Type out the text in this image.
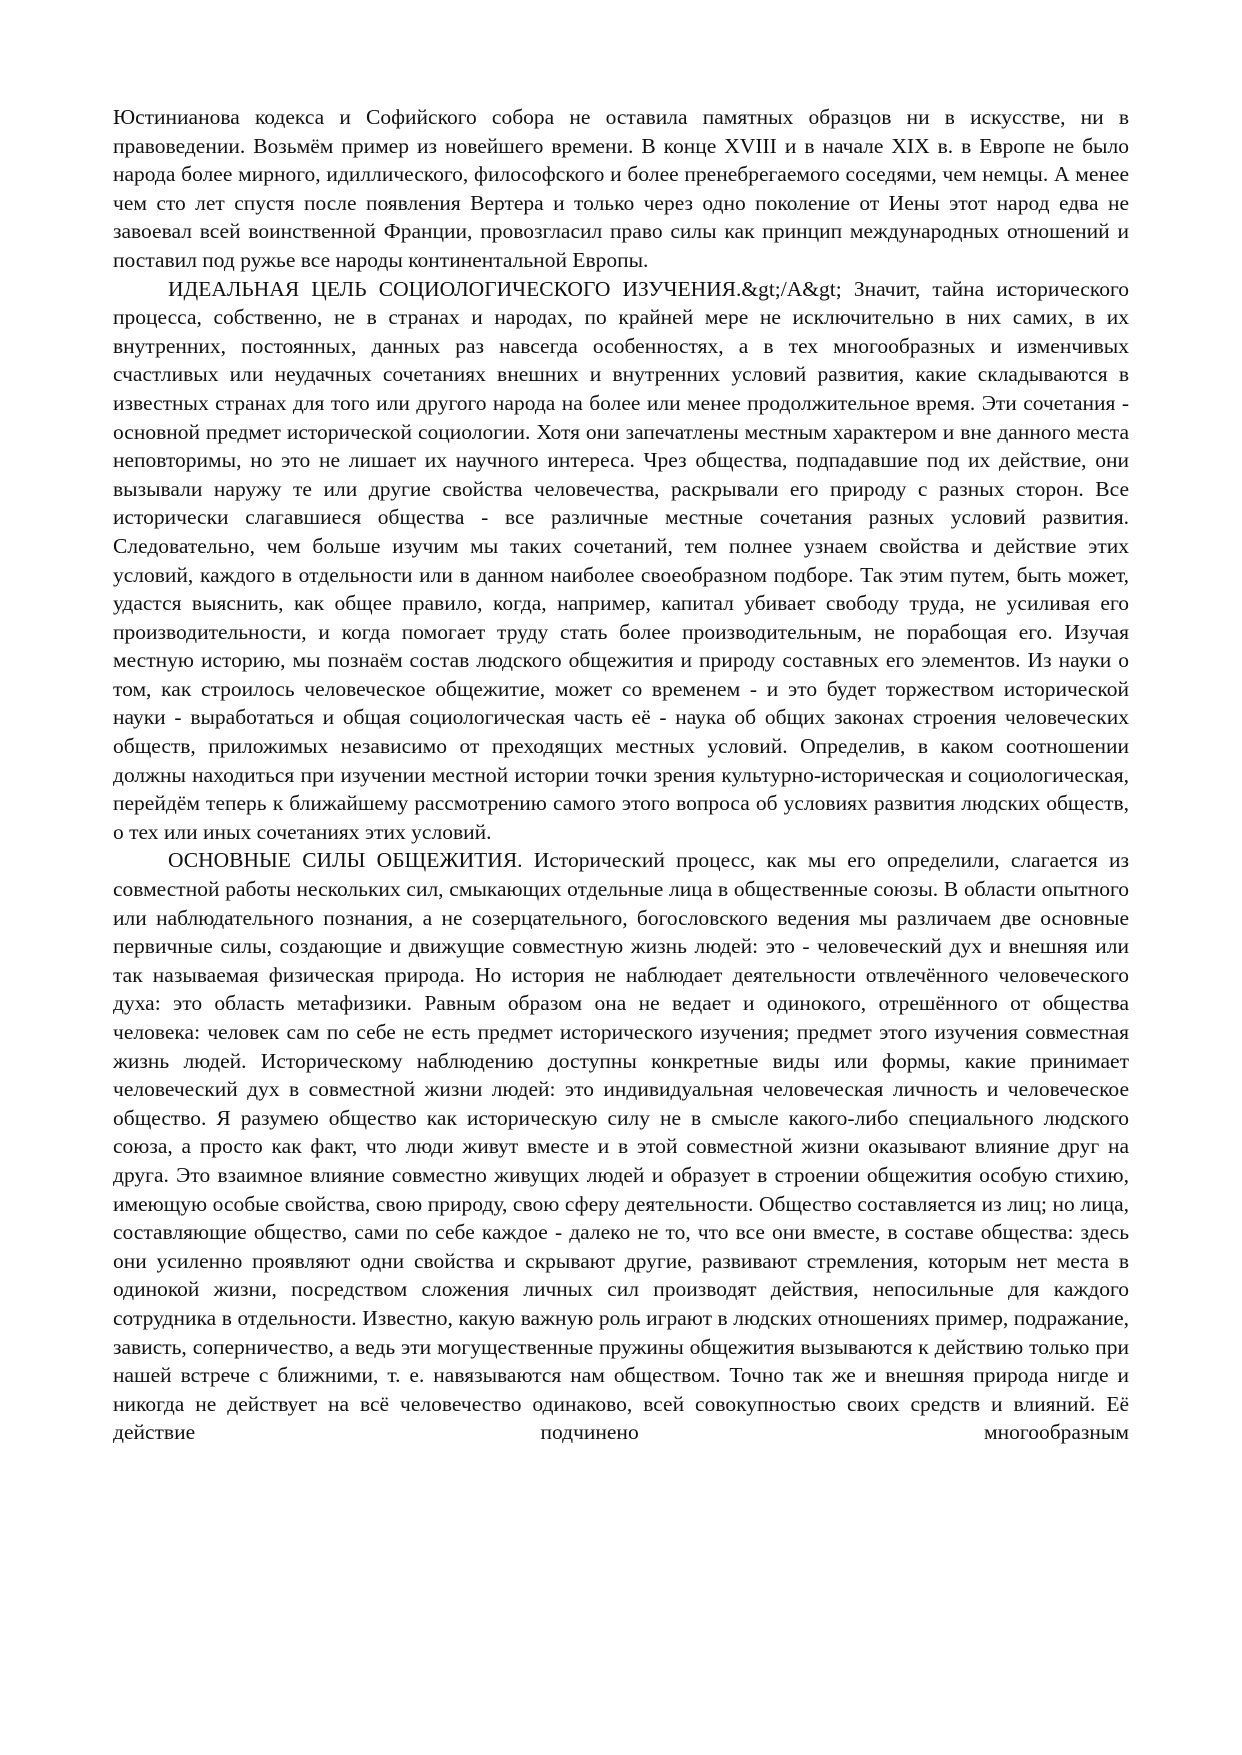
Юстинианова кодекса и Софийского собора не оставила памятных образцов ни в искусстве, ни в правоведении. Возьмём пример из новейшего времени. В конце XVIII и в начале XIX в. в Европе не было народа более мирного, идиллического, философского и более пренебрегаемого соседями, чем немцы. А менее чем сто лет спустя после появления Вертера и только через одно поколение от Иены этот народ едва не завоевал всей воинственной Франции, провозгласил право силы как принцип международных отношений и поставил под ружье все народы континентальной Европы.

ИДЕАЛЬНАЯ ЦЕЛЬ СОЦИОЛОГИЧЕСКОГО ИЗУЧЕНИЯ.&gt;/A&gt; Значит, тайна исторического процесса, собственно, не в странах и народах, по крайней мере не исключительно в них самих, в их внутренних, постоянных, данных раз навсегда особенностях, а в тех многообразных и изменчивых счастливых или неудачных сочетаниях внешних и внутренних условий развития, какие складываются в известных странах для того или другого народа на более или менее продолжительное время. Эти сочетания - основной предмет исторической социологии. Хотя они запечатлены местным характером и вне данного места неповторимы, но это не лишает их научного интереса. Чрез общества, подпадавшие под их действие, они вызывали наружу те или другие свойства человечества, раскрывали его природу с разных сторон. Все исторически слагавшиеся общества - все различные местные сочетания разных условий развития. Следовательно, чем больше изучим мы таких сочетаний, тем полнее узнаем свойства и действие этих условий, каждого в отдельности или в данном наиболее своеобразном подборе. Так этим путем, быть может, удастся выяснить, как общее правило, когда, например, капитал убивает свободу труда, не усиливая его производительности, и когда помогает труду стать более производительным, не порабощая его. Изучая местную историю, мы познаём состав людского общежития и природу составных его элементов. Из науки о том, как строилось человеческое общежитие, может со временем - и это будет торжеством исторической науки - выработаться и общая социологическая часть её - наука об общих законах строения человеческих обществ, приложимых независимо от преходящих местных условий. Определив, в каком соотношении должны находиться при изучении местной истории точки зрения культурно-историческая и социологическая, перейдём теперь к ближайшему рассмотрению самого этого вопроса об условиях развития людских обществ, о тех или иных сочетаниях этих условий.

ОСНОВНЫЕ СИЛЫ ОБЩЕЖИТИЯ. Исторический процесс, как мы его определили, слагается из совместной работы нескольких сил, смыкающих отдельные лица в общественные союзы. В области опытного или наблюдательного познания, а не созерцательного, богословского ведения мы различаем две основные первичные силы, создающие и движущие совместную жизнь людей: это - человеческий дух и внешняя или так называемая физическая природа. Но история не наблюдает деятельности отвлечённого человеческого духа: это область метафизики. Равным образом она не ведает и одинокого, отрешённого от общества человека: человек сам по себе не есть предмет исторического изучения; предмет этого изучения совместная жизнь людей. Историческому наблюдению доступны конкретные виды или формы, какие принимает человеческий дух в совместной жизни людей: это индивидуальная человеческая личность и человеческое общество. Я разумею общество как историческую силу не в смысле какого-либо специального людского союза, а просто как факт, что люди живут вместе и в этой совместной жизни оказывают влияние друг на друга. Это взаимное влияние совместно живущих людей и образует в строении общежития особую стихию, имеющую особые свойства, свою природу, свою сферу деятельности. Общество составляется из лиц; но лица, составляющие общество, сами по себе каждое - далеко не то, что все они вместе, в составе общества: здесь они усиленно проявляют одни свойства и скрывают другие, развивают стремления, которым нет места в одинокой жизни, посредством сложения личных сил производят действия, непосильные для каждого сотрудника в отдельности. Известно, какую важную роль играют в людских отношениях пример, подражание, зависть, соперничество, а ведь эти могущественные пружины общежития вызываются к действию только при нашей встрече с ближними, т. е. навязываются нам обществом. Точно так же и внешняя природа нигде и никогда не действует на всё человечество одинаково, всей совокупностью своих средств и влияний. Её действие подчинено многообразным
